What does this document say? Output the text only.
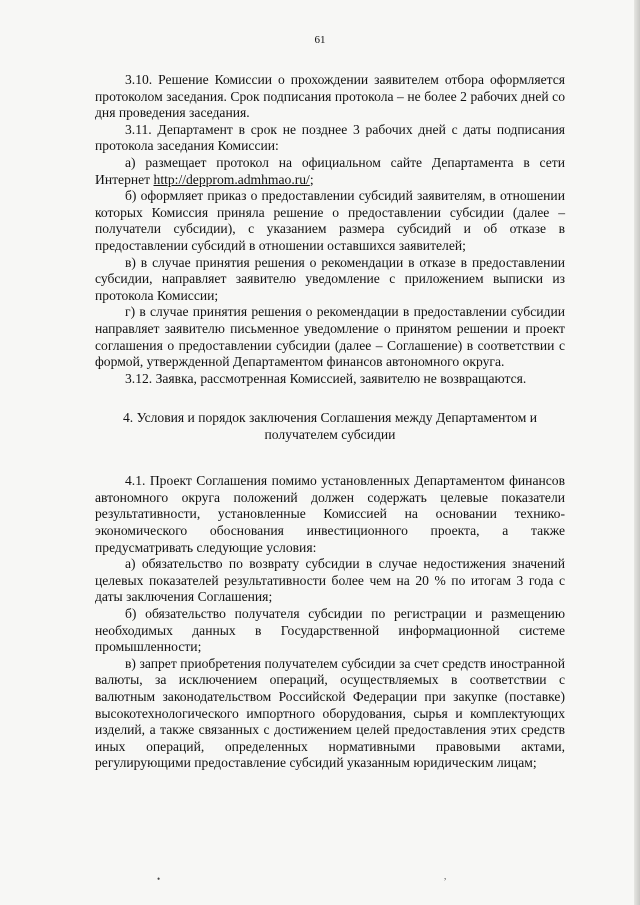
61

3.10. Решение Комиссии о прохождении заявителем отбора оформляется протоколом заседания. Срок подписания протокола – не более 2 рабочих дней со дня проведения заседания.

3.11. Департамент в срок не позднее 3 рабочих дней с даты подписания протокола заседания Комиссии:

а) размещает протокол на официальном сайте Департамента в сети Интернет http://depprom.admhmao.ru/;

б) оформляет приказ о предоставлении субсидий заявителям, в отношении которых Комиссия приняла решение о предоставлении субсидии (далее – получатели субсидии), с указанием размера субсидий и об отказе в предоставлении субсидий в отношении оставшихся заявителей;

в) в случае принятия решения о рекомендации в отказе в предоставлении субсидии, направляет заявителю уведомление с приложением выписки из протокола Комиссии;

г) в случае принятия решения о рекомендации в предоставлении субсидии направляет заявителю письменное уведомление о принятом решении и проект соглашения о предоставлении субсидии (далее – Соглашение) в соответствии с формой, утвержденной Департаментом финансов автономного округа.

3.12. Заявка, рассмотренная Комиссией, заявителю не возвращаются.

4. Условия и порядок заключения Соглашения между Департаментом и
получателем субсидии

4.1. Проект Соглашения помимо установленных Департаментом финансов автономного округа положений должен содержать целевые показатели результативности, установленные Комиссией на основании технико-экономического обоснования инвестиционного проекта, а также предусматривать следующие условия:

а) обязательство по возврату субсидии в случае недостижения значений целевых показателей результативности более чем на 20 % по итогам 3 года с даты заключения Соглашения;

б) обязательство получателя субсидии по регистрации и размещению необходимых данных в Государственной информационной системе промышленности;

в) запрет приобретения получателем субсидии за счет средств иностранной валюты, за исключением операций, осуществляемых в соответствии с валютным законодательством Российской Федерации при закупке (поставке) высокотехнологического импортного оборудования, сырья и комплектующих изделий, а также связанных с достижением целей предоставления этих средств иных операций, определенных нормативными правовыми актами, регулирующими предоставление субсидий указанным юридическим лицам;

•	,
